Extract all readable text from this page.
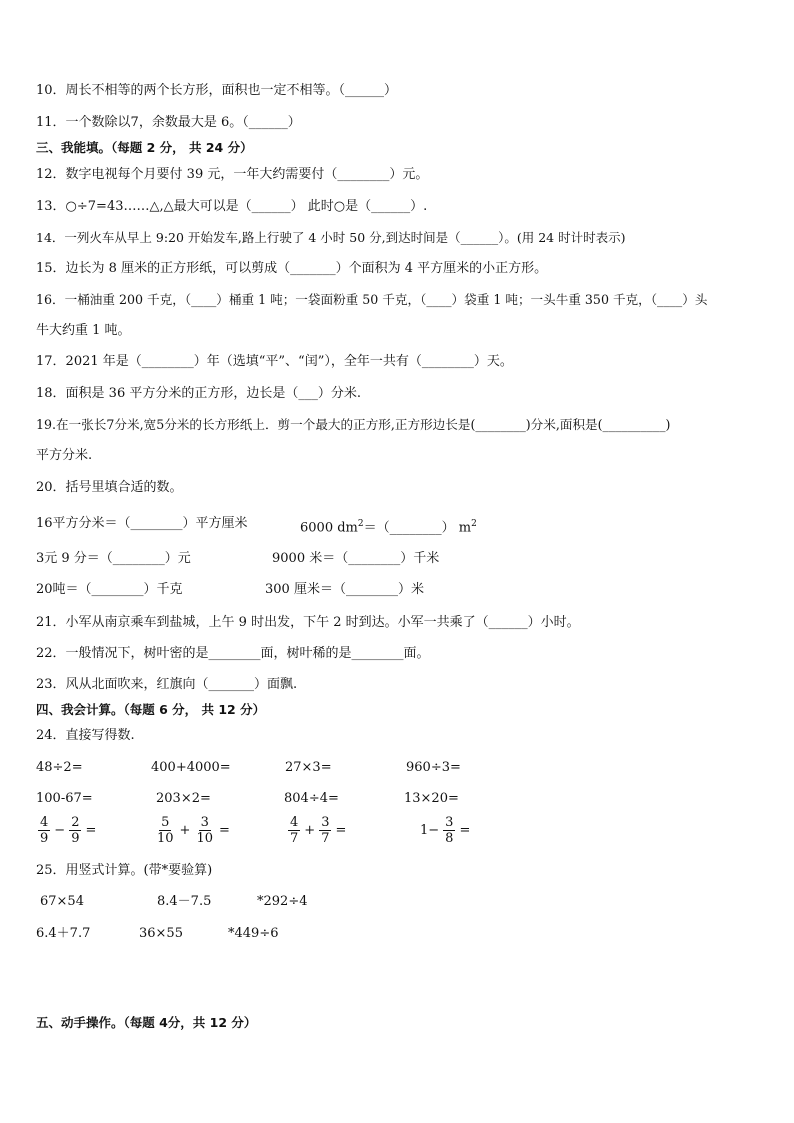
10．周长不相等的两个长方形，面积也一定不相等。（______）
11．一个数除以7，余数最大是 6。（______）
三、我能填。（每题 2 分， 共 24 分）
12．数字电视每个月要付 39 元，一年大约需要付（________）元。
13．○÷7=43……△,△最大可以是（______） 此时○是（______）.
14．一列火车从早上 9:20 开始发车,路上行驶了 4 小时 50 分,到达时间是（______）。(用 24 时计时表示)
15．边长为 8 厘米的正方形纸，可以剪成（_______）个面积为 4 平方厘米的小正方形。
16．一桶油重 200 千克，（____）桶重 1 吨；一袋面粉重 50 千克，（____）袋重 1 吨；一头牛重 350 千克，（____）头
牛大约重 1 吨。
17．2021 年是（________）年（选填“平”、“闰”），全年一共有（________）天。
18．面积是 36 平方分米的正方形，边长是（___）分米.
19.在一张长7分米,宽5分米的长方形纸上．剪一个最大的正方形,正方形边长是(________)分米,面积是(__________)
平方分米.
20．括号里填合适的数。
16平方分米＝（________）平方厘米	6000 $dm^2=(\_\_\_\_\_\_\_\_)$ $m^2$
3元 9 分＝（________）元	9000 米＝（________）千米
20吨＝（________）千克	300 厘米＝（________）米
21．小军从南京乘车到盐城，上午 9 时出发，下午 2 时到达。小军一共乘了（______）小时。
22．一般情况下，树叶密的是________面，树叶稀的是________面。
23．风从北面吹来，红旗向（_______）面飘.
四、我会计算。（每题 6 分， 共 12 分）
24．直接写得数.
48÷2=	400+4000=	27×3=	960÷3=
100-67=	203×2=	804÷4=	13×20=
$\frac{4}{9} - \frac{2}{9}$ =	$\frac{5}{10} + \frac{3}{10}$ =	$\frac{4}{7} + \frac{3}{7}$ =	$1- \frac{3}{8}$ =
25．用竖式计算。(带*要验算)
67×54	8.4－7.5	*292÷4
6.4＋7.7	36×55	*449÷6
五、动手操作。（每题 4分，共 12 分）
